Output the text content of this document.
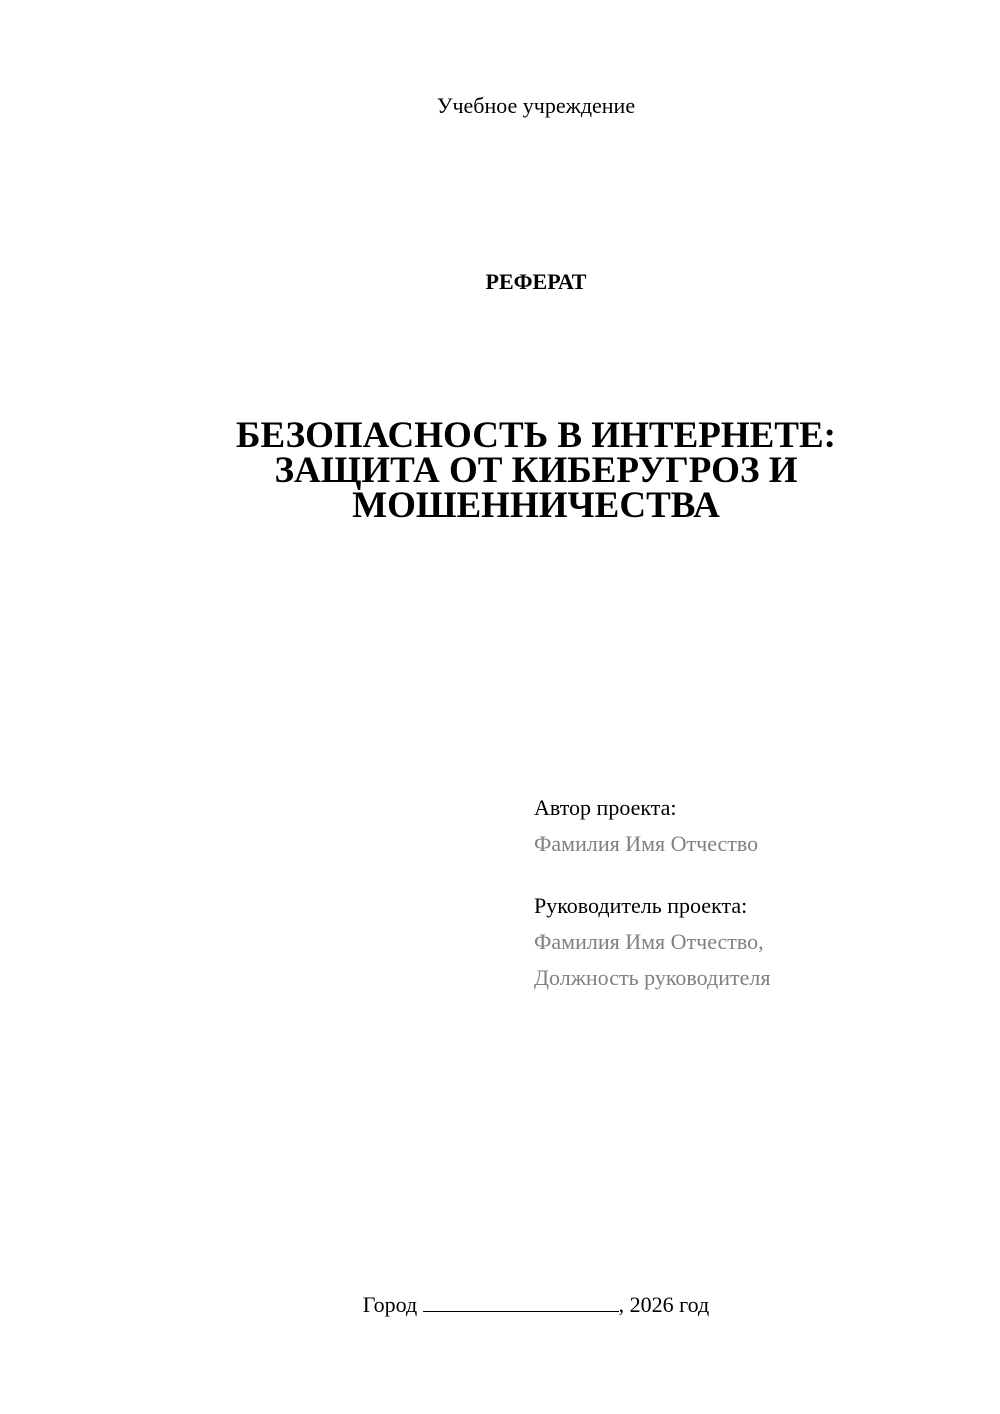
Учебное учреждение
РЕФЕРАТ
БЕЗОПАСНОСТЬ В ИНТЕРНЕТЕ:
ЗАЩИТА ОТ КИБЕРУГРОЗ И
МОШЕННИЧЕСТВА
Автор проекта:
Фамилия Имя Отчество
Руководитель проекта:
Фамилия Имя Отчество,
Должность руководителя
Город	, 2026 год
